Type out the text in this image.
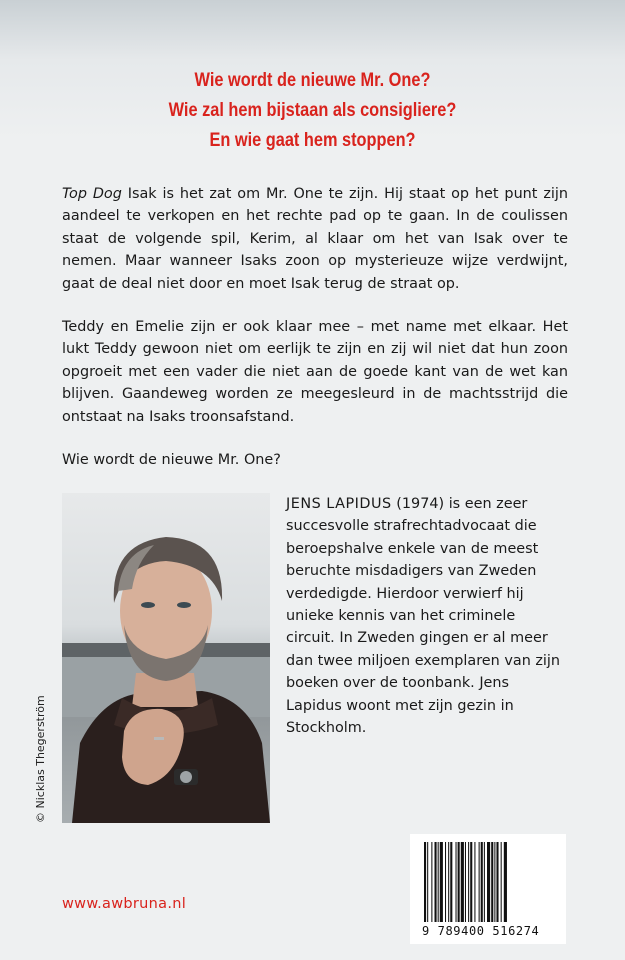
Wie wordt de nieuwe Mr. One?
Wie zal hem bijstaan als consigliere?
En wie gaat hem stoppen?

Top Dog Isak is het zat om Mr. One te zijn. Hij staat op het punt zijn aandeel te verkopen en het rechte pad op te gaan. In de coulissen staat de volgende spil, Kerim, al klaar om het van Isak over te nemen. Maar wanneer Isaks zoon op mysterieuze wijze verdwijnt, gaat de deal niet door en moet Isak terug de straat op.

Teddy en Emelie zijn er ook klaar mee – met name met elkaar. Het lukt Teddy gewoon niet om eerlijk te zijn en zij wil niet dat hun zoon opgroeit met een vader die niet aan de goede kant van de wet kan blijven. Gaandeweg worden ze meegesleurd in de machtsstrijd die ontstaat na Isaks troonsafstand.

Wie wordt de nieuwe Mr. One?

© Nicklas Thegerström
JENS LAPIDUS (1974) is een zeer succesvolle strafrechtadvocaat die beroepshalve enkele van de meest beruchte misdadigers van Zweden verdedigde. Hierdoor verwierf hij unieke kennis van het criminele circuit. In Zweden gingen er al meer dan twee miljoen exemplaren van zijn boeken over de toonbank. Jens Lapidus woont met zijn gezin in Stockholm.
www.awbruna.nl
9 789400 516274
